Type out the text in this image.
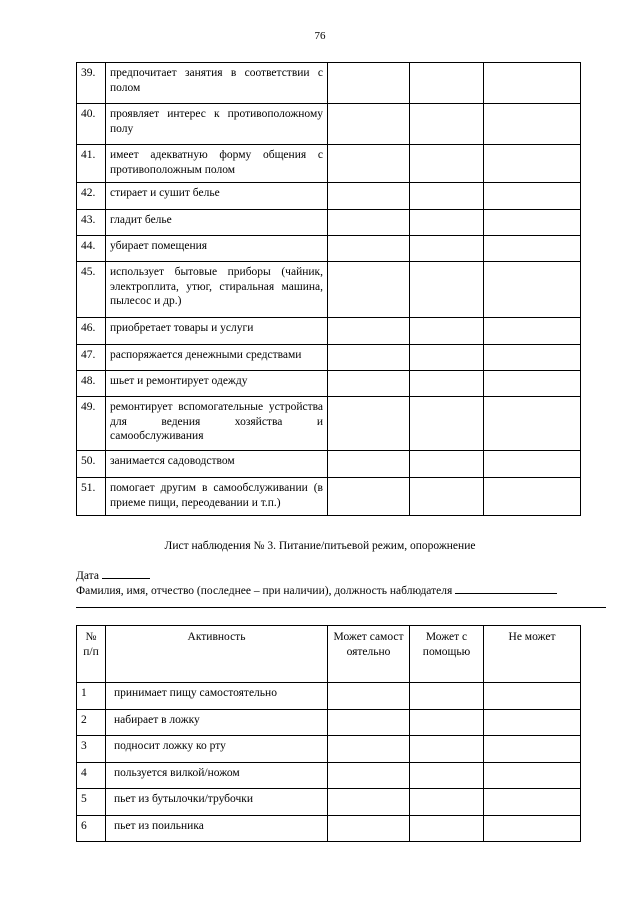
76
39.	предпочитает занятия в соответствии с полом			
40.	проявляет интерес к противоположному полу			
41.	имеет адекватную форму общения с противоположным полом			
42.	стирает и сушит белье			
43.	гладит белье			
44.	убирает помещения			
45.	использует бытовые приборы (чайник, электроплита, утюг, стиральная машина, пылесос и др.)			
46.	приобретает товары и услуги			
47.	распоряжается денежными средствами			
48.	шьет и ремонтирует одежду			
49.	ремонтирует вспомогательные устройства для ведения хозяйства и самообслуживания			
50.	занимается садоводством			
51.	помогает другим в самообслуживании (в приеме пищи, переодевании и т.п.)			
Лист наблюдения № 3. Питание/питьевой режим, опорожнение
Дата
Фамилия, имя, отчество (последнее – при наличии), должность наблюдателя
№ п/п	Активность	Может самостоятельно	Может с помощью	Не может
1	принимает пищу самостоятельно			
2	набирает в ложку			
3	подносит ложку ко рту			
4	пользуется вилкой/ножом			
5	пьет из бутылочки/трубочки			
6	пьет из поильника			
